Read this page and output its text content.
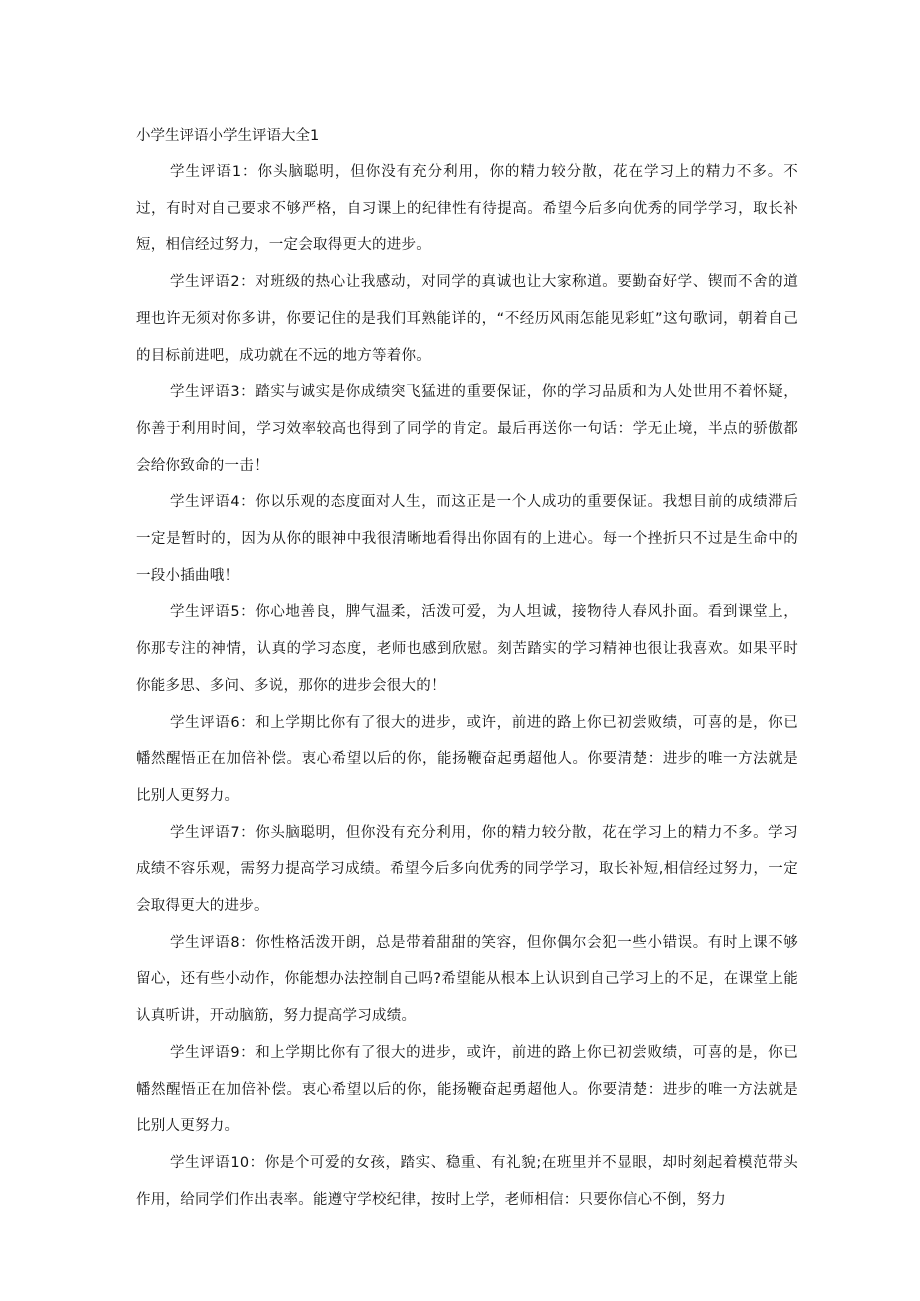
小学生评语小学生评语大全1

学生评语1：你头脑聪明，但你没有充分利用，你的精力较分散，花在学习上的精力不多。不过，有时对自己要求不够严格，自习课上的纪律性有待提高。希望今后多向优秀的同学学习，取长补短，相信经过努力，一定会取得更大的进步。

学生评语2：对班级的热心让我感动，对同学的真诚也让大家称道。要勤奋好学、锲而不舍的道理也许无须对你多讲，你要记住的是我们耳熟能详的，“不经历风雨怎能见彩虹”这句歌词，朝着自己的目标前进吧，成功就在不远的地方等着你。

学生评语3：踏实与诚实是你成绩突飞猛进的重要保证，你的学习品质和为人处世用不着怀疑，你善于利用时间，学习效率较高也得到了同学的肯定。最后再送你一句话：学无止境，半点的骄傲都会给你致命的一击！

学生评语4：你以乐观的态度面对人生，而这正是一个人成功的重要保证。我想目前的成绩滞后一定是暂时的，因为从你的眼神中我很清晰地看得出你固有的上进心。每一个挫折只不过是生命中的一段小插曲哦！

学生评语5：你心地善良，脾气温柔，活泼可爱，为人坦诚，接物待人春风扑面。看到课堂上，你那专注的神情，认真的学习态度，老师也感到欣慰。刻苦踏实的学习精神也很让我喜欢。如果平时你能多思、多问、多说，那你的进步会很大的！

学生评语6：和上学期比你有了很大的进步，或许，前进的路上你已初尝败绩，可喜的是，你已幡然醒悟正在加倍补偿。衷心希望以后的你，能扬鞭奋起勇超他人。你要清楚：进步的唯一方法就是比别人更努力。

学生评语7：你头脑聪明，但你没有充分利用，你的精力较分散，花在学习上的精力不多。学习成绩不容乐观，需努力提高学习成绩。希望今后多向优秀的同学学习，取长补短,相信经过努力，一定会取得更大的进步。

学生评语8：你性格活泼开朗，总是带着甜甜的笑容，但你偶尔会犯一些小错误。有时上课不够留心，还有些小动作，你能想办法控制自己吗?希望能从根本上认识到自己学习上的不足，在课堂上能认真听讲，开动脑筋，努力提高学习成绩。

学生评语9：和上学期比你有了很大的进步，或许，前进的路上你已初尝败绩，可喜的是，你已幡然醒悟正在加倍补偿。衷心希望以后的你，能扬鞭奋起勇超他人。你要清楚：进步的唯一方法就是比别人更努力。

学生评语10：你是个可爱的女孩，踏实、稳重、有礼貌;在班里并不显眼，却时刻起着模范带头作用，给同学们作出表率。能遵守学校纪律，按时上学，老师相信：只要你信心不倒，努力
